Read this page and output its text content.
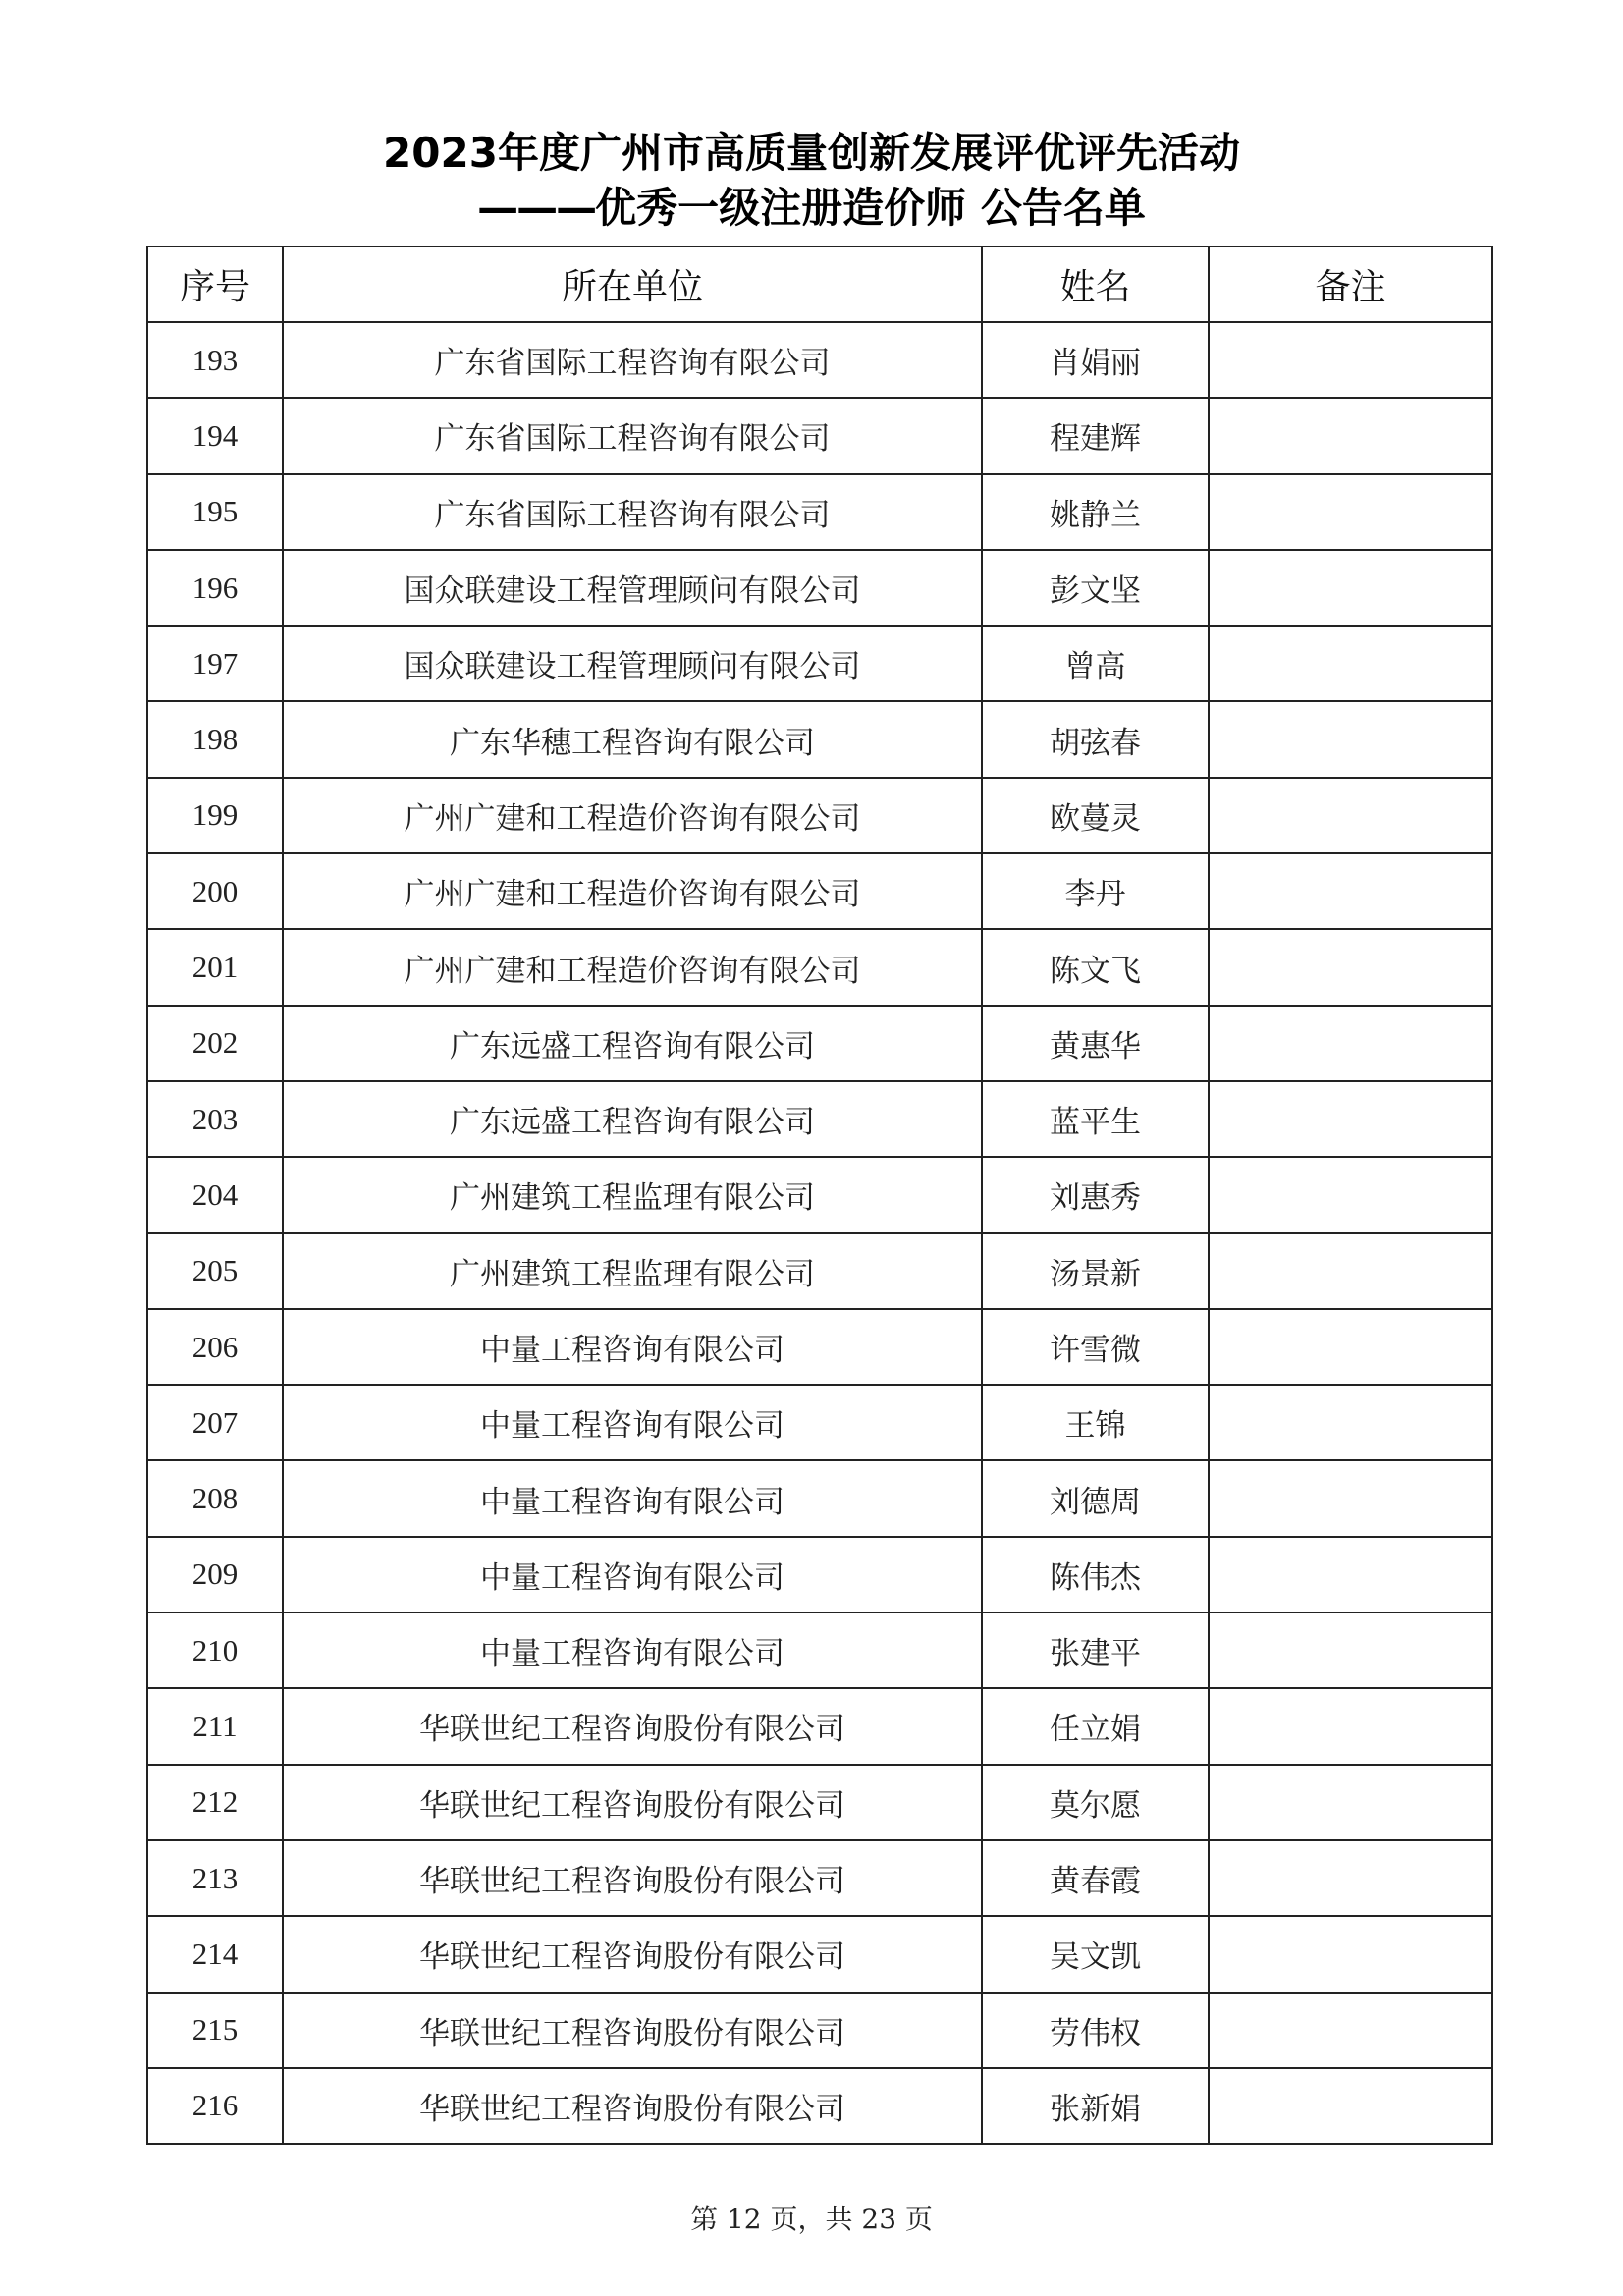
2023年度广州市高质量创新发展评优评先活动
———优秀一级注册造价师 公告名单
序号	所在单位	姓名	备注
193	广东省国际工程咨询有限公司	肖娟丽	
194	广东省国际工程咨询有限公司	程建辉	
195	广东省国际工程咨询有限公司	姚静兰	
196	国众联建设工程管理顾问有限公司	彭文坚	
197	国众联建设工程管理顾问有限公司	曾高	
198	广东华穗工程咨询有限公司	胡弦春	
199	广州广建和工程造价咨询有限公司	欧蔓灵	
200	广州广建和工程造价咨询有限公司	李丹	
201	广州广建和工程造价咨询有限公司	陈文飞	
202	广东远盛工程咨询有限公司	黄惠华	
203	广东远盛工程咨询有限公司	蓝平生	
204	广州建筑工程监理有限公司	刘惠秀	
205	广州建筑工程监理有限公司	汤景新	
206	中量工程咨询有限公司	许雪微	
207	中量工程咨询有限公司	王锦	
208	中量工程咨询有限公司	刘德周	
209	中量工程咨询有限公司	陈伟杰	
210	中量工程咨询有限公司	张建平	
211	华联世纪工程咨询股份有限公司	任立娟	
212	华联世纪工程咨询股份有限公司	莫尔愿	
213	华联世纪工程咨询股份有限公司	黄春霞	
214	华联世纪工程咨询股份有限公司	吴文凯	
215	华联世纪工程咨询股份有限公司	劳伟权	
216	华联世纪工程咨询股份有限公司	张新娟	
第 12 页，共 23 页
